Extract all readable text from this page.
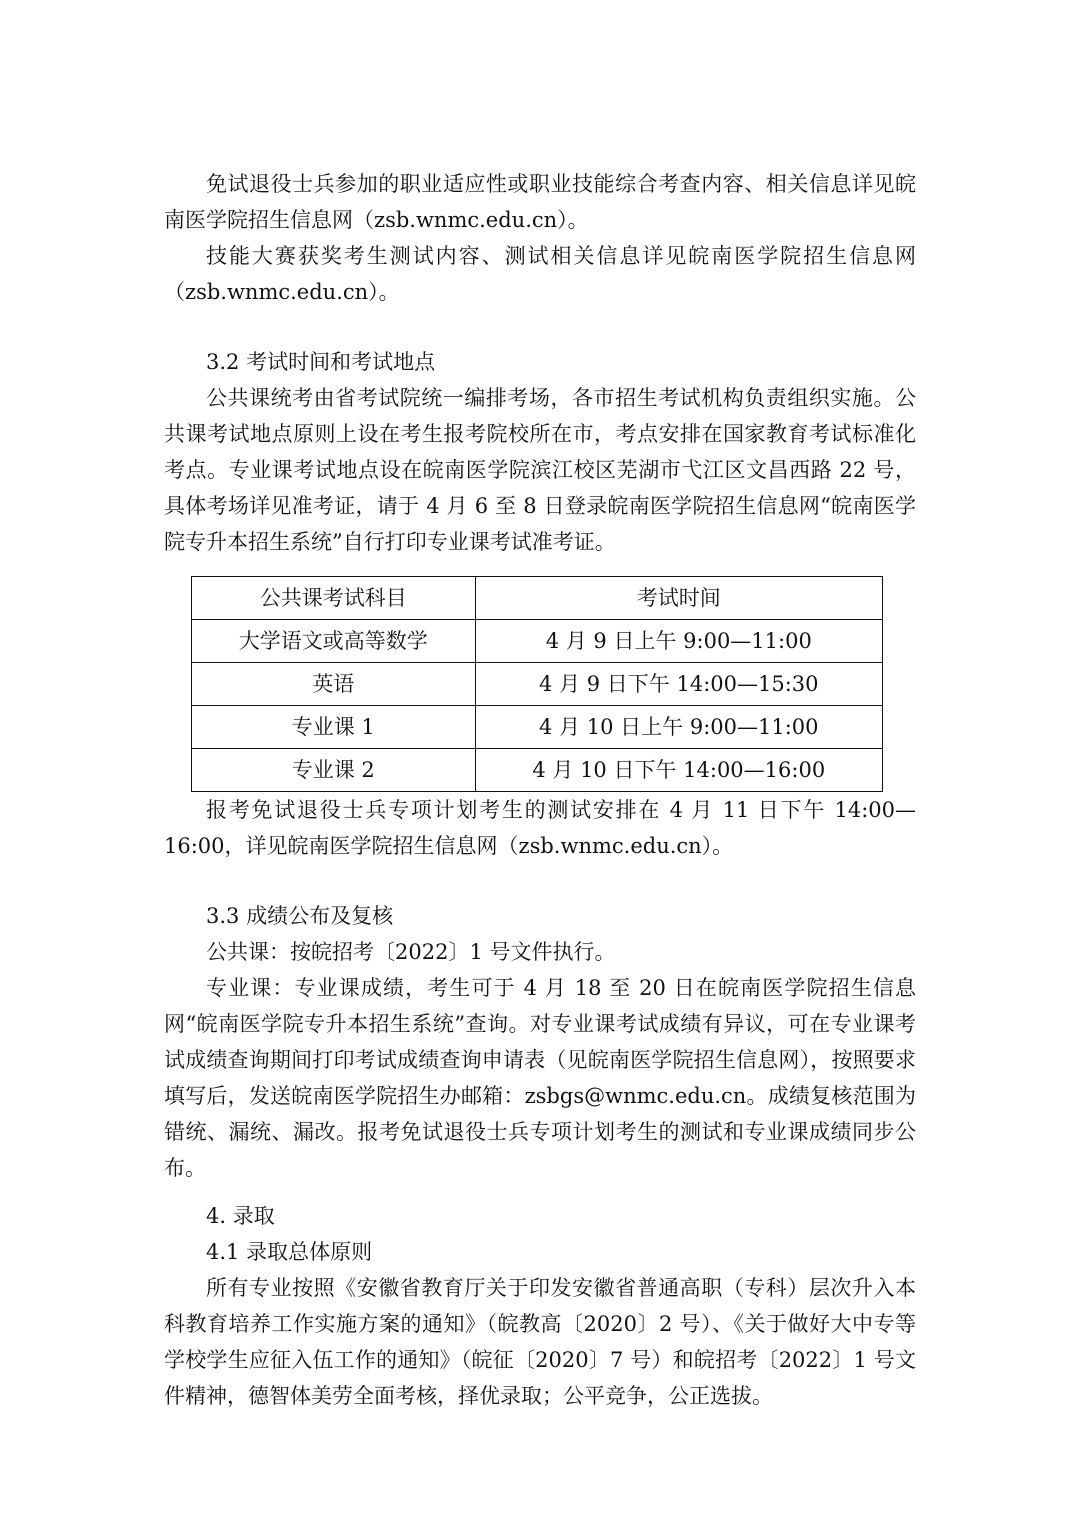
免试退役士兵参加的职业适应性或职业技能综合考查内容、相关信息详见皖南医学院招生信息网（zsb.wnmc.edu.cn）。

技能大赛获奖考生测试内容、测试相关信息详见皖南医学院招生信息网（zsb.wnmc.edu.cn）。

3.2 考试时间和考试地点

公共课统考由省考试院统一编排考场，各市招生考试机构负责组织实施。公共课考试地点原则上设在考生报考院校所在市，考点安排在国家教育考试标准化考点。专业课考试地点设在皖南医学院滨江校区芜湖市弋江区文昌西路 22 号，具体考场详见准考证，请于 4 月 6 至 8 日登录皖南医学院招生信息网“皖南医学院专升本招生系统”自行打印专业课考试准考证。

公共课考试科目	考试时间
大学语文或高等数学	4 月 9 日上午 9:00—11:00
英语	4 月 9 日下午 14:00—15:30
专业课 1	4 月 10 日上午 9:00—11:00
专业课 2	4 月 10 日下午 14:00—16:00

报考免试退役士兵专项计划考生的测试安排在 4 月 11 日下午 14:00—16:00，详见皖南医学院招生信息网（zsb.wnmc.edu.cn）。

3.3 成绩公布及复核

公共课：按皖招考〔2022〕1 号文件执行。

专业课：专业课成绩，考生可于 4 月 18 至 20 日在皖南医学院招生信息网“皖南医学院专升本招生系统”查询。对专业课考试成绩有异议，可在专业课考试成绩查询期间打印考试成绩查询申请表（见皖南医学院招生信息网），按照要求填写后，发送皖南医学院招生办邮箱：zsbgs@wnmc.edu.cn。成绩复核范围为错统、漏统、漏改。报考免试退役士兵专项计划考生的测试和专业课成绩同步公布。

4. 录取

4.1 录取总体原则

所有专业按照《安徽省教育厅关于印发安徽省普通高职（专科）层次升入本科教育培养工作实施方案的通知》（皖教高〔2020〕2 号）、《关于做好大中专等学校学生应征入伍工作的通知》（皖征〔2020〕7 号）和皖招考〔2022〕1 号文件精神，德智体美劳全面考核，择优录取；公平竞争，公正选拔。
